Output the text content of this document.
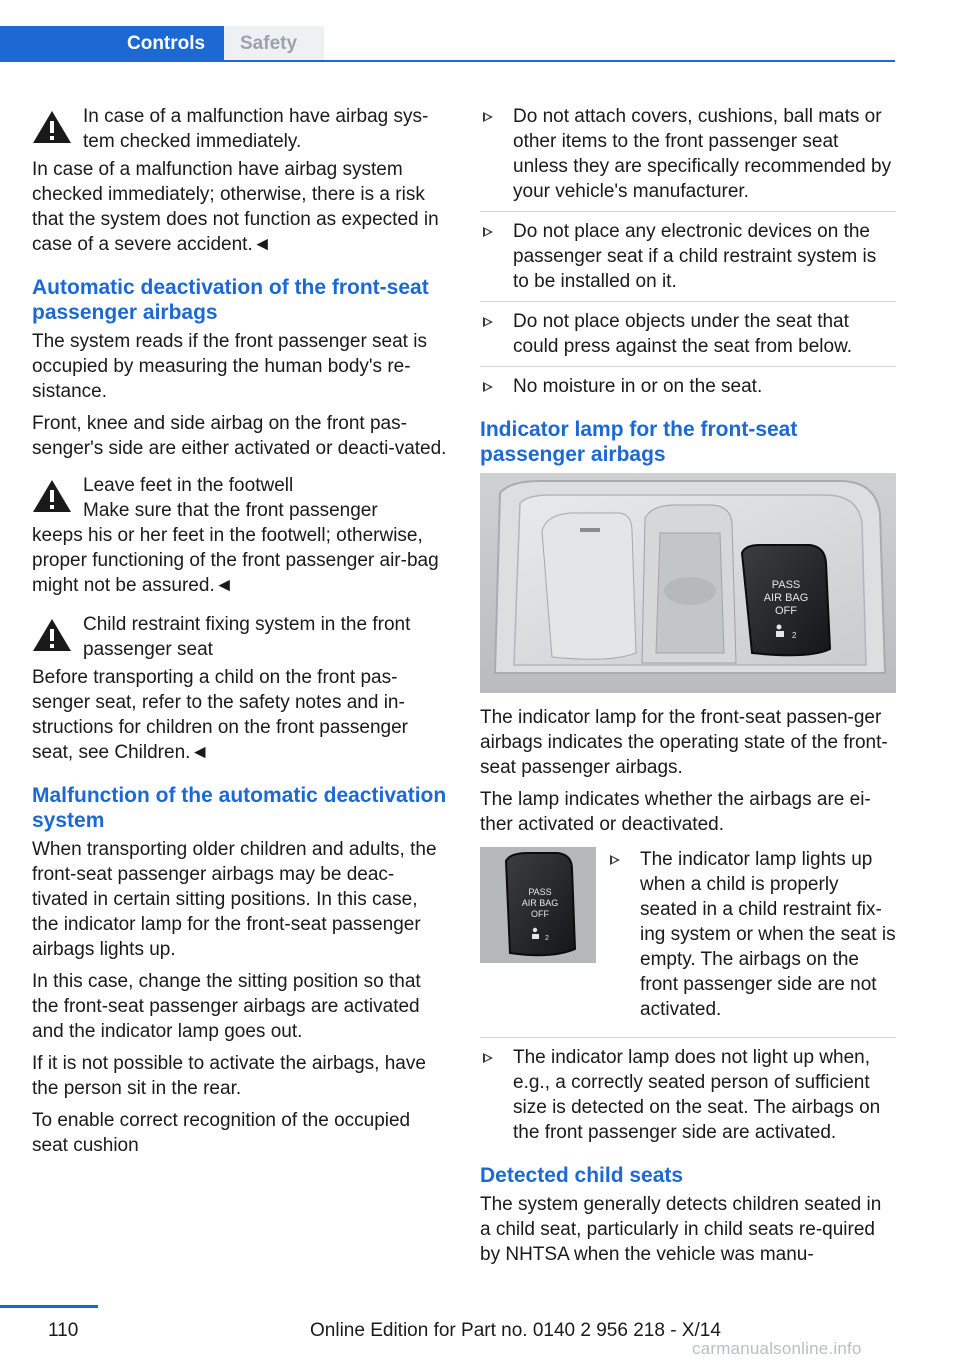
Controls Safety
In case of a malfunction have airbag sys-
tem checked immediately.

In case of a malfunction have airbag system checked immediately; otherwise, there is a risk that the system does not function as expected in case of a severe accident.◄

Automatic deactivation of the front-seat passenger airbags

The system reads if the front passenger seat is occupied by measuring the human body's re-sistance.

Front, knee and side airbag on the front pas-senger's side are either activated or deacti-vated.

Leave feet in the footwell
Make sure that the front passenger

keeps his or her feet in the footwell; otherwise, proper functioning of the front passenger air-bag might not be assured.◄

Child restraint fixing system in the front
passenger seat

Before transporting a child on the front pas-senger seat, refer to the safety notes and in-structions for children on the front passenger seat, see Children.◄

Malfunction of the automatic deactivation system

When transporting older children and adults, the front-seat passenger airbags may be deac-tivated in certain sitting positions. In this case, the indicator lamp for the front-seat passenger airbags lights up.

In this case, change the sitting position so that the front-seat passenger airbags are activated and the indicator lamp goes out.

If it is not possible to activate the airbags, have the person sit in the rear.

To enable correct recognition of the occupied seat cushion

Do not attach covers, cushions, ball mats or other items to the front passenger seat unless they are specifically recommended by your vehicle's manufacturer.
Do not place any electronic devices on the passenger seat if a child restraint system is to be installed on it.
Do not place objects under the seat that could press against the seat from below.
No moisture in or on the seat.
Indicator lamp for the front-seat passenger airbags
PASS
AIR BAG
OFF
2

The indicator lamp for the front-seat passen-ger airbags indicates the operating state of the front-seat passenger airbags.

The lamp indicates whether the airbags are ei-ther activated or deactivated.

PASS
AIR BAG
OFF
2
The indicator lamp lights up when a child is properly seated in a child restraint fix-ing system or when the seat is empty. The airbags on the front passenger side are not activated.
The indicator lamp does not light up when, e.g., a correctly seated person of sufficient size is detected on the seat. The airbags on the front passenger side are activated.
Detected child seats

The system generally detects children seated in a child seat, particularly in child seats re-quired by NHTSA when the vehicle was manu-

110	Online Edition for Part no. 0140 2 956 218 - X/14
carmanualsonline.info
